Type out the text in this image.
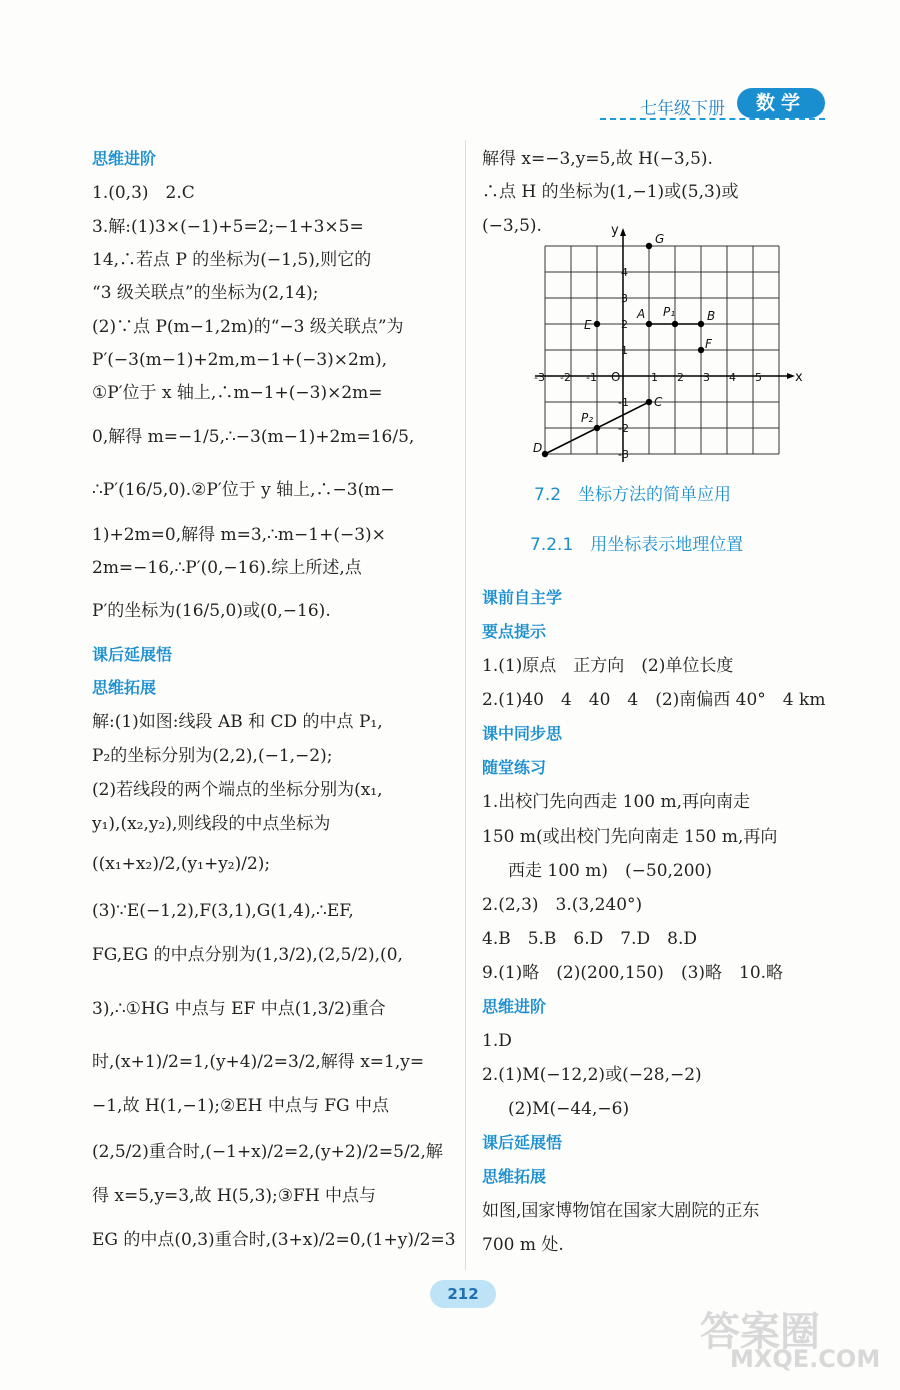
七年级下册	数学
思维进阶
1.(0,3)　2.C
3.解:(1)3×(−1)+5=2;−1+3×5=
14,∴若点 P 的坐标为(−1,5),则它的
“3 级关联点”的坐标为(2,14);
(2)∵点 P(m−1,2m)的“−3 级关联点”为
P′(−3(m−1)+2m,m−1+(−3)×2m),
①P′位于 x 轴上,∴m−1+(−3)×2m=
0,解得 m=−1/5,∴−3(m−1)+2m=16/5,
∴P′(16/5,0).②P′位于 y 轴上,∴−3(m−
1)+2m=0,解得 m=3,∴m−1+(−3)×
2m=−16,∴P′(0,−16).综上所述,点
P′的坐标为(16/5,0)或(0,−16).
课后延展悟
思维拓展
解:(1)如图:线段 AB 和 CD 的中点 P₁,
P₂的坐标分别为(2,2),(−1,−2);
(2)若线段的两个端点的坐标分别为(x₁,
y₁),(x₂,y₂),则线段的中点坐标为
((x₁+x₂)/2,(y₁+y₂)/2);
(3)∵E(−1,2),F(3,1),G(1,4),∴EF,
FG,EG 的中点分别为(1,3/2),(2,5/2),(0,
3),∴①HG 中点与 EF 中点(1,3/2)重合
时,(x+1)/2=1,(y+4)/2=3/2,解得 x=1,y=
−1,故 H(1,−1);②EH 中点与 FG 中点
(2,5/2)重合时,(−1+x)/2=2,(y+2)/2=5/2,解
得 x=5,y=3,故 H(5,3);③FH 中点与
EG 的中点(0,3)重合时,(3+x)/2=0,(1+y)/2=3
解得 x=−3,y=5,故 H(−3,5).
∴点 H 的坐标为(1,−1)或(5,3)或
(−3,5).
x
y
O
-3 -2 -1	1 2 3 4 5
4
3
2
1
-1
-2
-3
G
A P₁	B
E
F
C
P₂
D
7.2　坐标方法的简单应用
7.2.1　用坐标表示地理位置
课前自主学
要点提示
1.(1)原点　正方向　(2)单位长度
2.(1)40　4　40　4　(2)南偏西 40°　4 km
课中同步思
随堂练习
1.出校门先向西走 100 m,再向南走
150 m(或出校门先向南走 150 m,再向
西走 100 m)　(−50,200)
2.(2,3)　3.(3,240°)
4.B　5.B　6.D　7.D　8.D
9.(1)略　(2)(200,150)　(3)略　10.略
思维进阶
1.D
2.(1)M(−12,2)或(−28,−2)
(2)M(−44,−6)
课后延展悟
思维拓展
如图,国家博物馆在国家大剧院的正东
700 m 处.
212
答案圈
MXQE.COM
